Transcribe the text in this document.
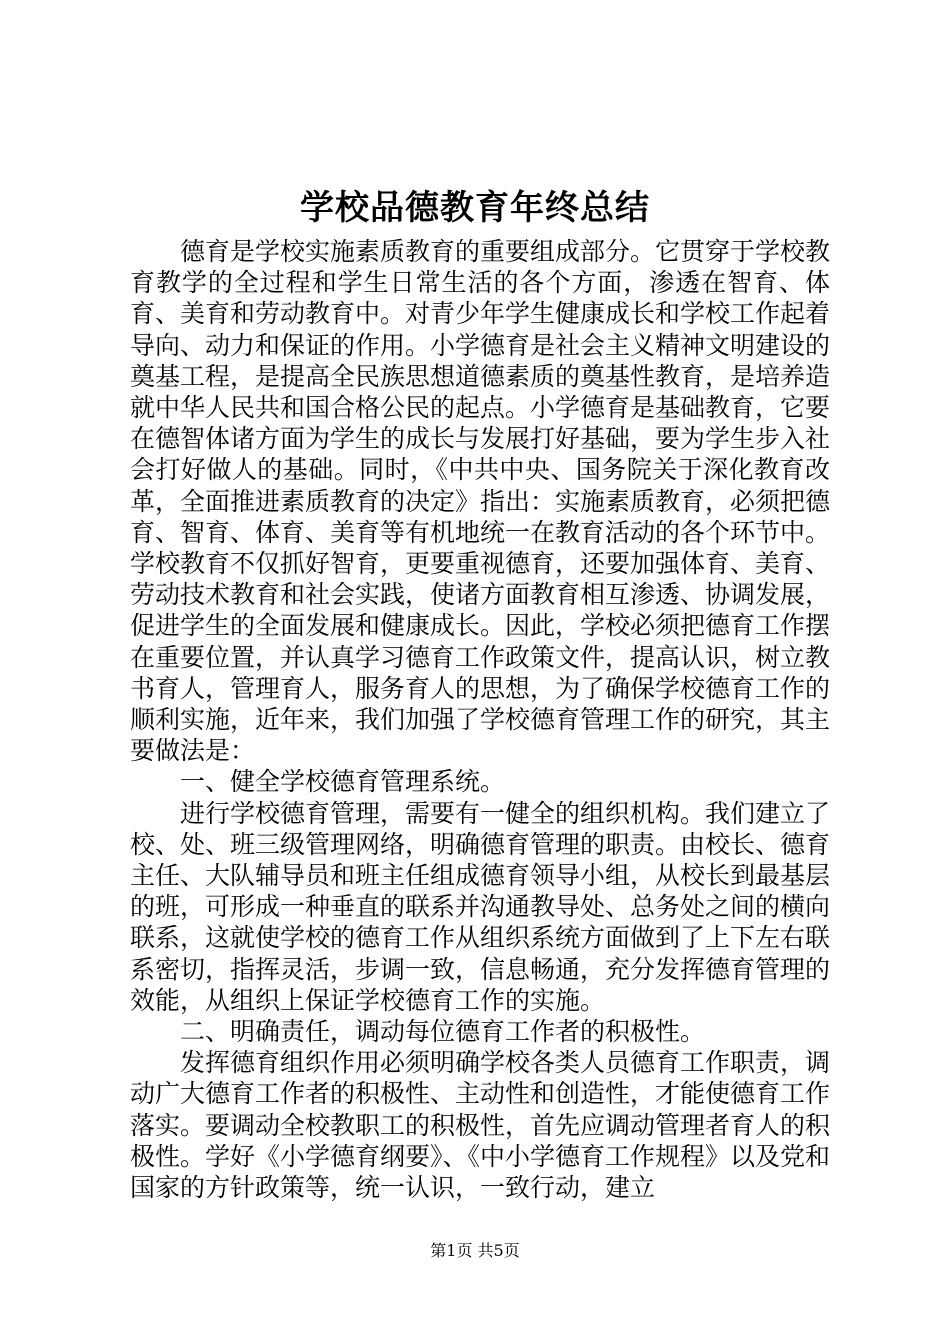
学校品德教育年终总结

德育是学校实施素质教育的重要组成部分。它贯穿于学校教育教学的全过程和学生日常生活的各个方面，渗透在智育、体育、美育和劳动教育中。对青少年学生健康成长和学校工作起着导向、动力和保证的作用。小学德育是社会主义精神文明建设的奠基工程，是提高全民族思想道德素质的奠基性教育，是培养造就中华人民共和国合格公民的起点。小学德育是基础教育，它要在德智体诸方面为学生的成长与发展打好基础，要为学生步入社会打好做人的基础。同时，《中共中央、国务院关于深化教育改革，全面推进素质教育的决定》指出：实施素质教育，必须把德育、智育、体育、美育等有机地统一在教育活动的各个环节中。学校教育不仅抓好智育，更要重视德育，还要加强体育、美育、劳动技术教育和社会实践，使诸方面教育相互渗透、协调发展，促进学生的全面发展和健康成长。因此，学校必须把德育工作摆在重要位置，并认真学习德育工作政策文件，提高认识，树立教书育人，管理育人，服务育人的思想，为了确保学校德育工作的顺利实施，近年来，我们加强了学校德育管理工作的研究，其主要做法是：

一、健全学校德育管理系统。

进行学校德育管理，需要有一健全的组织机构。我们建立了校、处、班三级管理网络，明确德育管理的职责。由校长、德育主任、大队辅导员和班主任组成德育领导小组，从校长到最基层的班，可形成一种垂直的联系并沟通教导处、总务处之间的横向联系，这就使学校的德育工作从组织系统方面做到了上下左右联系密切，指挥灵活，步调一致，信息畅通，充分发挥德育管理的效能，从组织上保证学校德育工作的实施。

二、明确责任，调动每位德育工作者的积极性。

发挥德育组织作用必须明确学校各类人员德育工作职责，调动广大德育工作者的积极性、主动性和创造性，才能使德育工作落实。要调动全校教职工的积极性，首先应调动管理者育人的积极性。学好《小学德育纲要》、《中小学德育工作规程》以及党和国家的方针政策等，统一认识，一致行动，建立

第1页 共5页
